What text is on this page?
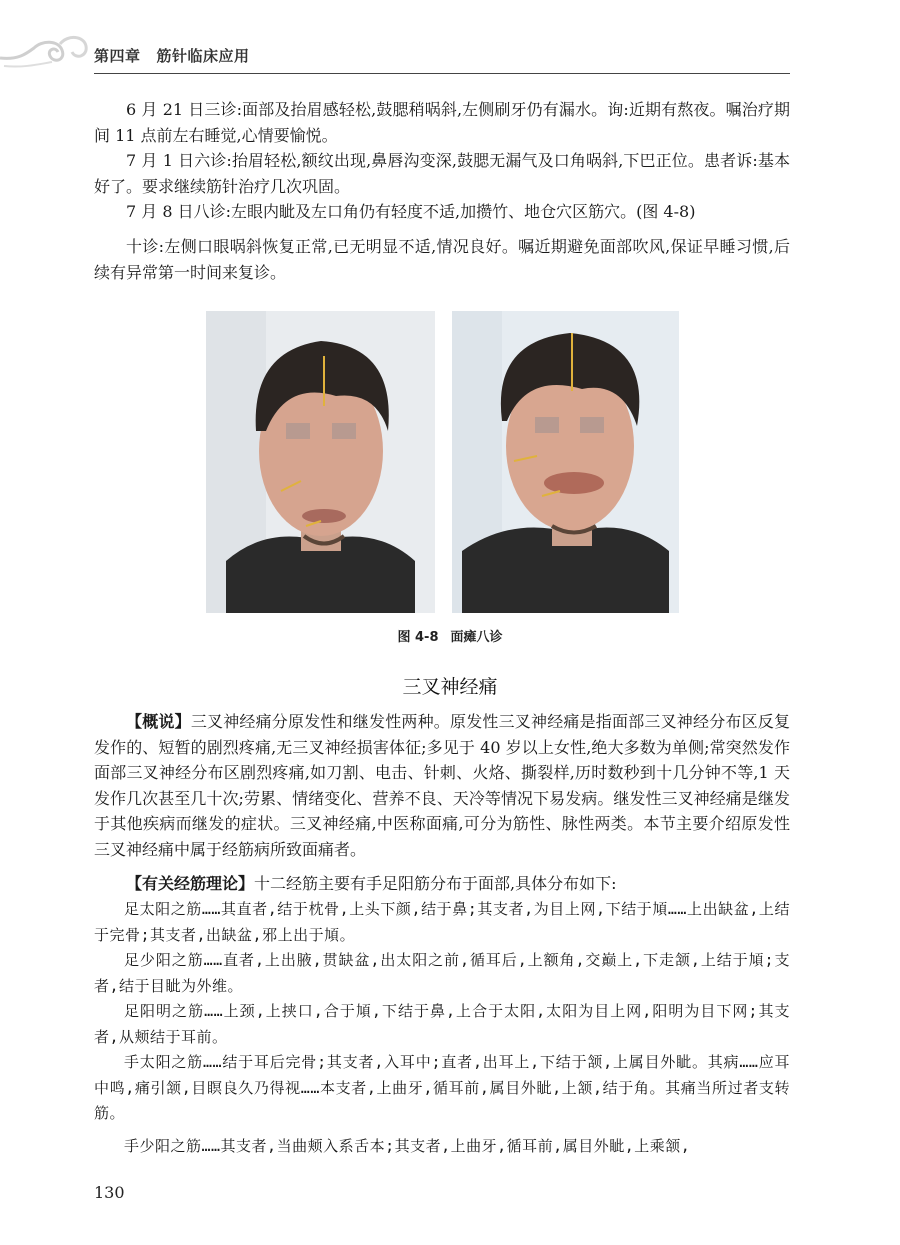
第四章 筋针临床应用

6 月 21 日三诊:面部及抬眉感轻松,鼓腮稍㖞斜,左侧刷牙仍有漏水。询:近期有熬夜。嘱治疗期间 11 点前左右睡觉,心情要愉悦。

7 月 1 日六诊:抬眉轻松,额纹出现,鼻唇沟变深,鼓腮无漏气及口角㖞斜,下巴正位。患者诉:基本好了。要求继续筋针治疗几次巩固。

7 月 8 日八诊:左眼内眦及左口角仍有轻度不适,加攒竹、地仓穴区筋穴。(图 4-8)

十诊:左侧口眼㖞斜恢复正常,已无明显不适,情况良好。嘱近期避免面部吹风,保证早睡习惯,后续有异常第一时间来复诊。

图 4-8 面瘫八诊
三叉神经痛

【概说】三叉神经痛分原发性和继发性两种。原发性三叉神经痛是指面部三叉神经分布区反复发作的、短暂的剧烈疼痛,无三叉神经损害体征;多见于 40 岁以上女性,绝大多数为单侧;常突然发作面部三叉神经分布区剧烈疼痛,如刀割、电击、针刺、火烙、撕裂样,历时数秒到十几分钟不等,1 天发作几次甚至几十次;劳累、情绪变化、营养不良、天冷等情况下易发病。继发性三叉神经痛是继发于其他疾病而继发的症状。三叉神经痛,中医称面痛,可分为筋性、脉性两类。本节主要介绍原发性三叉神经痛中属于经筋病所致面痛者。

【有关经筋理论】十二经筋主要有手足阳筋分布于面部,具体分布如下:

足太阳之筋……其直者,结于枕骨,上头下颜,结于鼻;其支者,为目上网,下结于頄……上出缺盆,上结于完骨;其支者,出缺盆,邪上出于頄。

足少阳之筋……直者,上出腋,贯缺盆,出太阳之前,循耳后,上额角,交巅上,下走颔,上结于頄;支者,结于目眦为外维。

足阳明之筋……上颈,上挟口,合于頄,下结于鼻,上合于太阳,太阳为目上网,阳明为目下网;其支者,从颊结于耳前。

手太阳之筋……结于耳后完骨;其支者,入耳中;直者,出耳上,下结于颔,上属目外眦。其病……应耳中鸣,痛引颔,目瞑良久乃得视……本支者,上曲牙,循耳前,属目外眦,上颔,结于角。其痛当所过者支转筋。

手少阳之筋……其支者,当曲颊入系舌本;其支者,上曲牙,循耳前,属目外眦,上乘颔,

130
